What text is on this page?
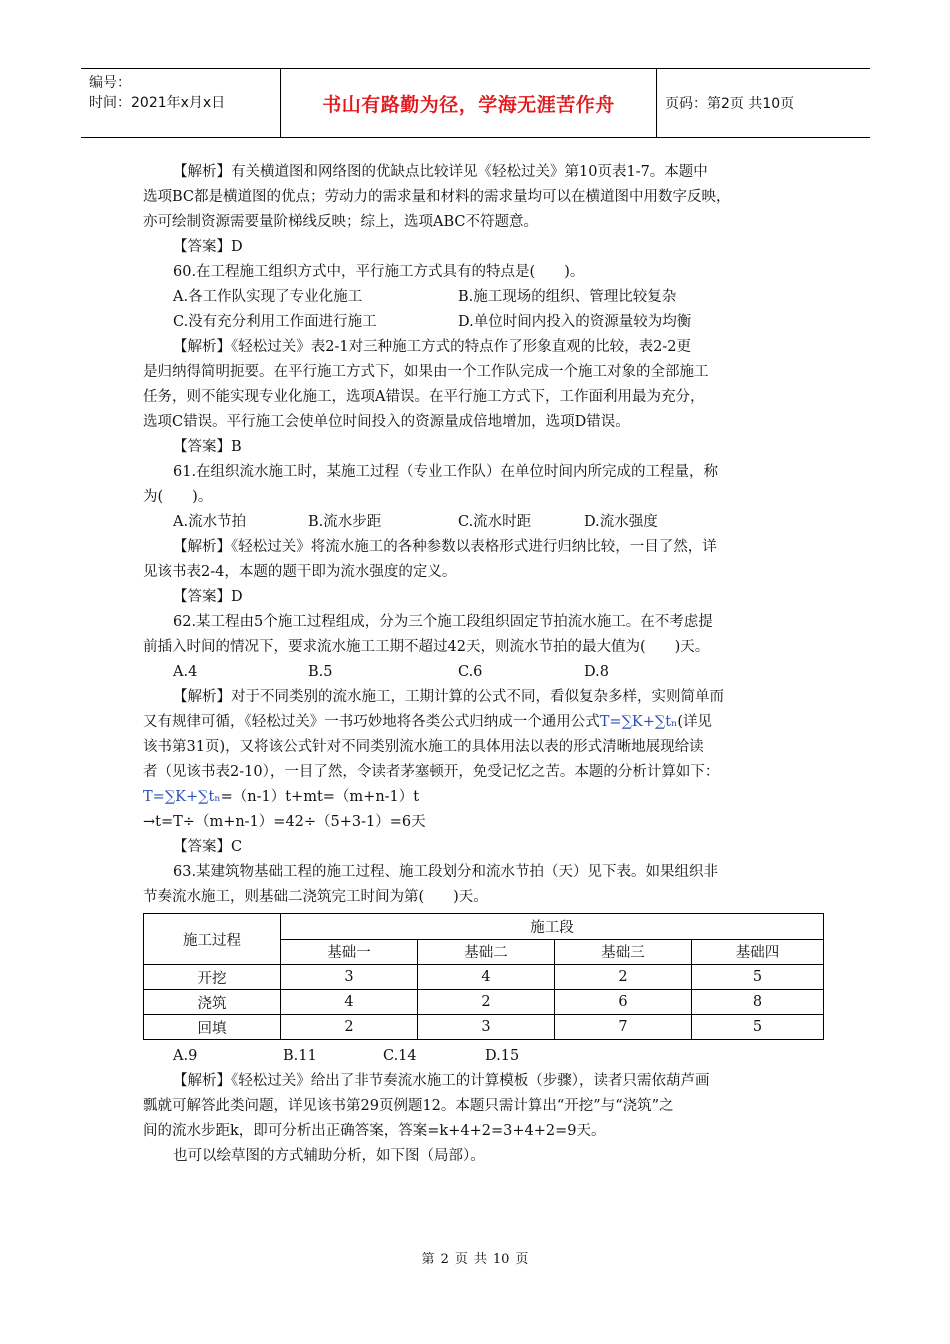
编号：
时间：2021年x月x日	书山有路勤为径，学海无涯苦作舟	页码：第2页 共10页
【解析】有关横道图和网络图的优缺点比较详见《轻松过关》第10页表1-7。本题中
选项BC都是横道图的优点；劳动力的需求量和材料的需求量均可以在横道图中用数字反映，
亦可绘制资源需要量阶梯线反映；综上，选项ABC不符题意。
【答案】D
60.在工程施工组织方式中，平行施工方式具有的特点是(　　)。
A.各工作队实现了专业化施工	B.施工现场的组织、管理比较复杂
C.没有充分利用工作面进行施工	D.单位时间内投入的资源量较为均衡
【解析】《轻松过关》表2-1对三种施工方式的特点作了形象直观的比较，表2-2更
是归纳得简明扼要。在平行施工方式下，如果由一个工作队完成一个施工对象的全部施工
任务，则不能实现专业化施工，选项A错误。在平行施工方式下，工作面利用最为充分，
选项C错误。平行施工会使单位时间投入的资源量成倍地增加，选项D错误。
【答案】B
61.在组织流水施工时，某施工过程（专业工作队）在单位时间内所完成的工程量，称
为(　　)。
A.流水节拍	B.流水步距	C.流水时距	D.流水强度
【解析】《轻松过关》将流水施工的各种参数以表格形式进行归纳比较，一目了然，详
见该书表2-4，本题的题干即为流水强度的定义。
【答案】D
62.某工程由5个施工过程组成，分为三个施工段组织固定节拍流水施工。在不考虑提
前插入时间的情况下，要求流水施工工期不超过42天，则流水节拍的最大值为(　　)天。
A.4	B.5	C.6	D.8
【解析】对于不同类别的流水施工，工期计算的公式不同，看似复杂多样，实则简单而
又有规律可循，《轻松过关》一书巧妙地将各类公式归纳成一个通用公式T=∑K+∑tₙ(详见
该书第31页)，又将该公式针对不同类别流水施工的具体用法以表的形式清晰地展现给读
者（见该书表2-10），一目了然，令读者茅塞顿开，免受记忆之苦。本题的分析计算如下：
T=∑K+∑tₙ=（n-1）t+mt=（m+n-1）t
→t=T÷（m+n-1）=42÷（5+3-1）=6天
【答案】C
63.某建筑物基础工程的施工过程、施工段划分和流水节拍（天）见下表。如果组织非
节奏流水施工，则基础二浇筑完工时间为第(　　)天。
施工过程	施工段			
	基础一	基础二	基础三	基础四
开挖	3	4	2	5
浇筑	4	2	6	8
回填	2	3	7	5
A.9	B.11	C.14	D.15
【解析】《轻松过关》给出了非节奏流水施工的计算模板（步骤），读者只需依葫芦画
瓢就可解答此类问题，详见该书第29页例题12。本题只需计算出“开挖”与“浇筑”之
间的流水步距k，即可分析出正确答案，答案=k+4+2=3+4+2=9天。
也可以绘草图的方式辅助分析，如下图（局部）。
第 2 页 共 10 页
